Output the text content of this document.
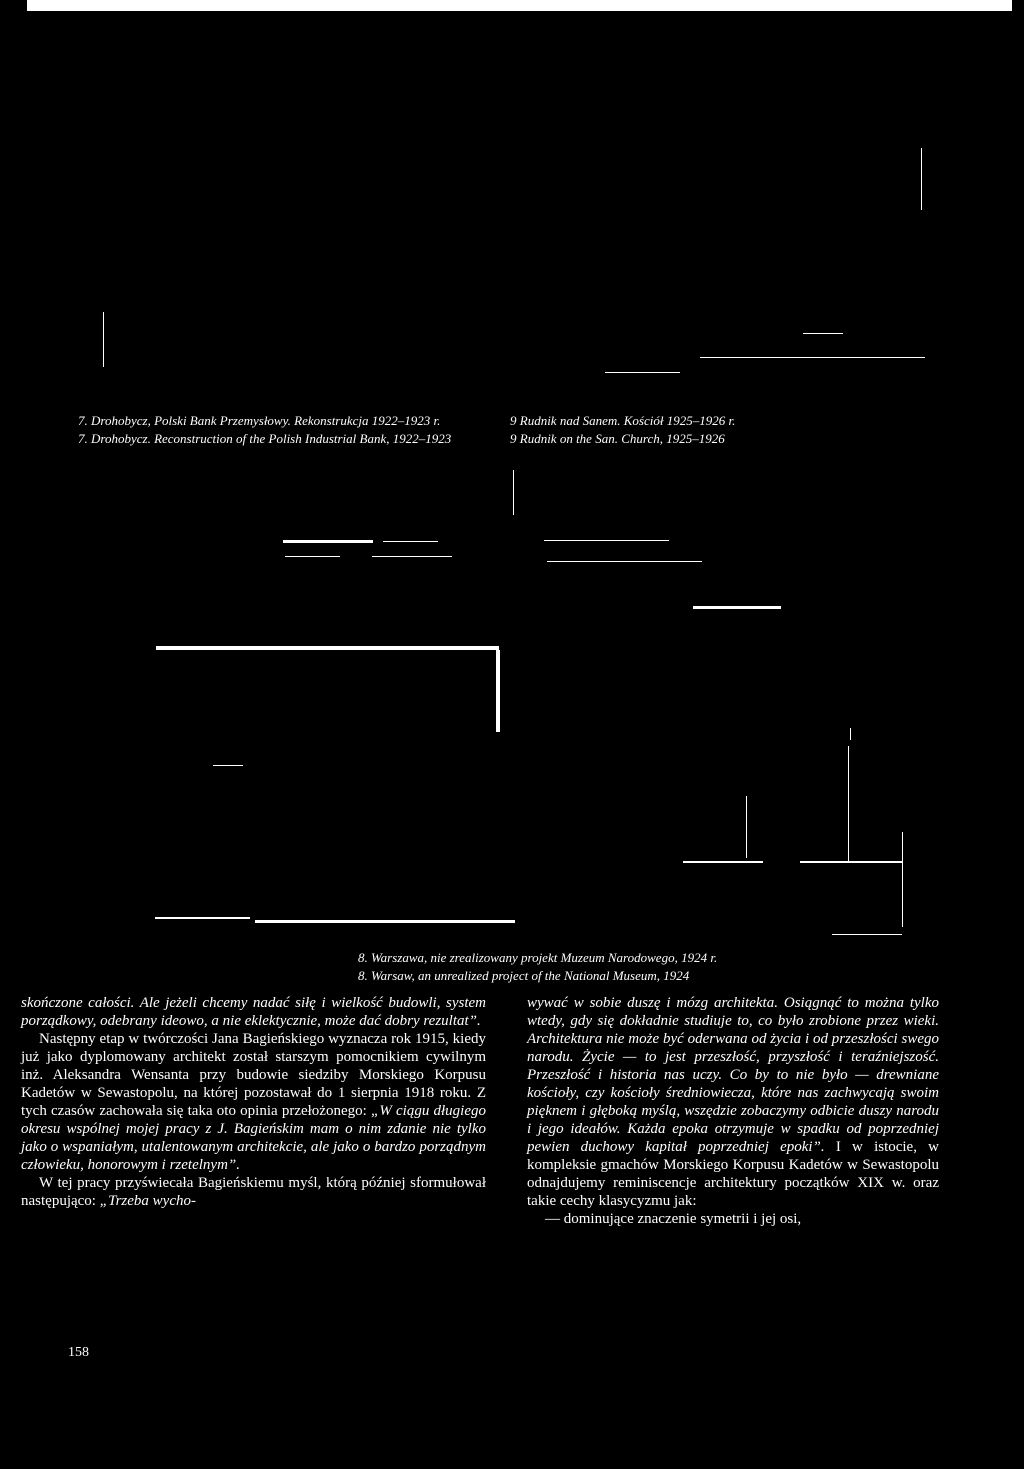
7. Drohobycz, Polski Bank Przemysłowy. Rekonstrukcja 1922–1923 r.
7. Drohobycz. Reconstruction of the Polish Industrial Bank, 1922–1923
9 Rudnik nad Sanem. Kościół 1925–1926 r.
9 Rudnik on the San. Church, 1925–1926
8. Warszawa, nie zrealizowany projekt Muzeum Narodowego, 1924 r.
8. Warsaw, an unrealized project of the National Museum, 1924

skończone całości. Ale jeżeli chcemy nadać siłę i wielkość budowli, system porządkowy, odebrany ideowo, a nie eklektycznie, może dać dobry rezultat”.

Następny etap w twórczości Jana Bagieńskiego wyznacza rok 1915, kiedy już jako dyplomowany architekt został starszym pomocnikiem cywilnym inż. Aleksandra Wensanta przy budowie siedziby Morskiego Korpusu Kadetów w Sewastopolu, na której pozostawał do 1 sierpnia 1918 roku. Z tych czasów zachowała się taka oto opinia przełożonego: „W ciągu długiego okresu wspólnej mojej pracy z J. Bagieńskim mam o nim zdanie nie tylko jako o wspaniałym, utalentowanym architekcie, ale jako o bardzo porządnym człowieku, honorowym i rzetelnym”.

W tej pracy przyświecała Bagieńskiemu myśl, którą później sformułował następująco: „Trzeba wycho-

wywać w sobie duszę i mózg architekta. Osiągnąć to można tylko wtedy, gdy się dokładnie studiuje to, co było zrobione przez wieki. Architektura nie może być oderwana od życia i od przeszłości swego narodu. Życie — to jest przeszłość, przyszłość i teraźniejszość. Przeszłość i historia nas uczy. Co by to nie było — drewniane kościoły, czy kościoły średniowiecza, które nas zachwycają swoim pięknem i głęboką myślą, wszędzie zobaczymy odbicie duszy narodu i jego ideałów. Każda epoka otrzymuje w spadku od poprzedniej pewien duchowy kapitał poprzedniej epoki”. I w istocie, w kompleksie gmachów Morskiego Korpusu Kadetów w Sewastopolu odnajdujemy reminiscencje architektury początków XIX w. oraz takie cechy klasycyzmu jak:

— dominujące znaczenie symetrii i jej osi,

158
